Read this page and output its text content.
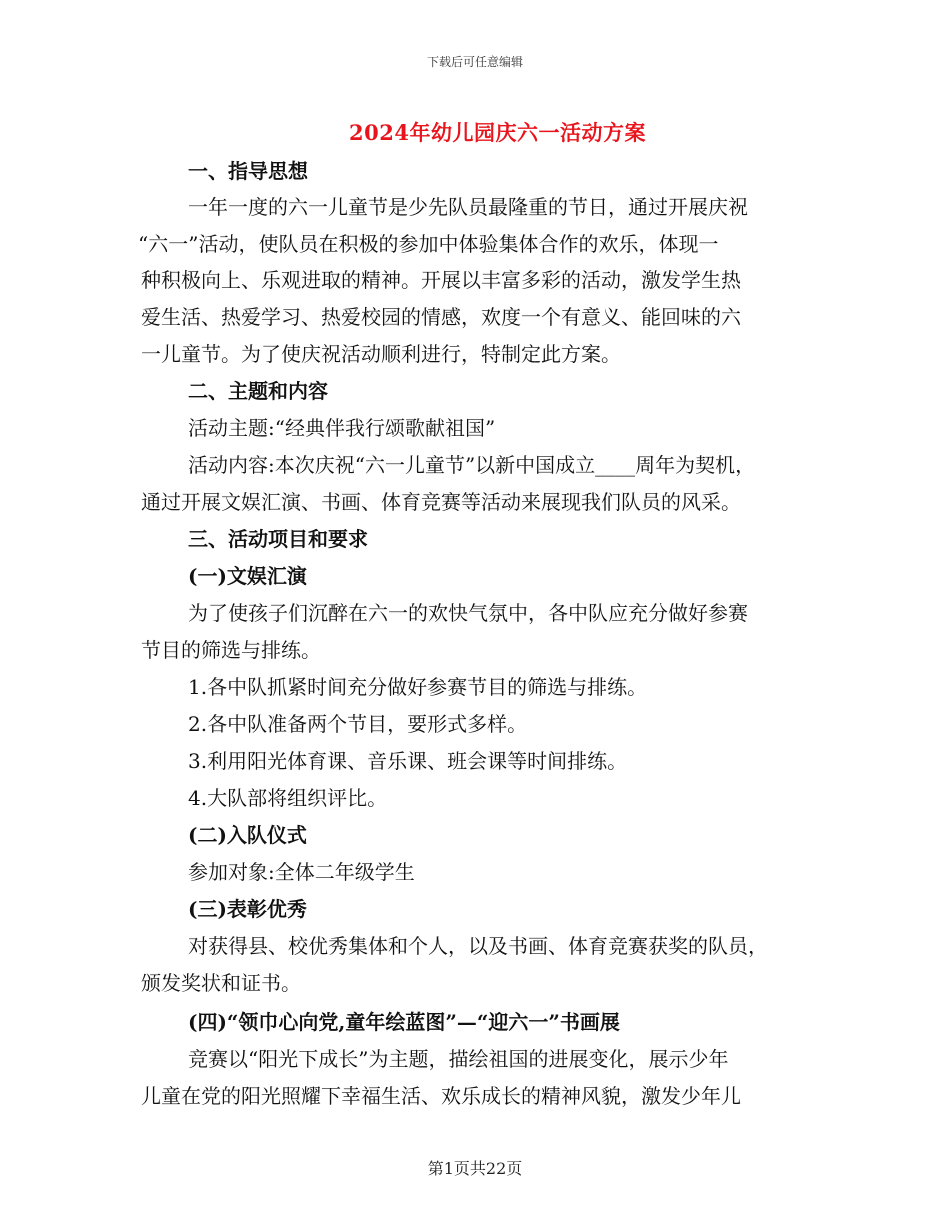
下载后可任意编辑
2024年幼儿园庆六一活动方案
一、指导思想
一年一度的六一儿童节是少先队员最隆重的节日，通过开展庆祝
“六一”活动，使队员在积极的参加中体验集体合作的欢乐，体现一
种积极向上、乐观进取的精神。开展以丰富多彩的活动，激发学生热
爱生活、热爱学习、热爱校园的情感，欢度一个有意义、能回味的六
一儿童节。为了使庆祝活动顺利进行，特制定此方案。
二、主题和内容
活动主题:“经典伴我行颂歌献祖国”
活动内容:本次庆祝“六一儿童节”以新中国成立____周年为契机，
通过开展文娱汇演、书画、体育竞赛等活动来展现我们队员的风采。
三、活动项目和要求
(一)文娱汇演
为了使孩子们沉醉在六一的欢快气氛中，各中队应充分做好参赛
节目的筛选与排练。
1.各中队抓紧时间充分做好参赛节目的筛选与排练。
2.各中队准备两个节目，要形式多样。
3.利用阳光体育课、音乐课、班会课等时间排练。
4.大队部将组织评比。
(二)入队仪式
参加对象:全体二年级学生
(三)表彰优秀
对获得县、校优秀集体和个人，以及书画、体育竞赛获奖的队员，
颁发奖状和证书。
(四)“领巾心向党,童年绘蓝图”—“迎六一”书画展
竞赛以“阳光下成长”为主题，描绘祖国的进展变化，展示少年
儿童在党的阳光照耀下幸福生活、欢乐成长的精神风貌，激发少年儿
第1页共22页
